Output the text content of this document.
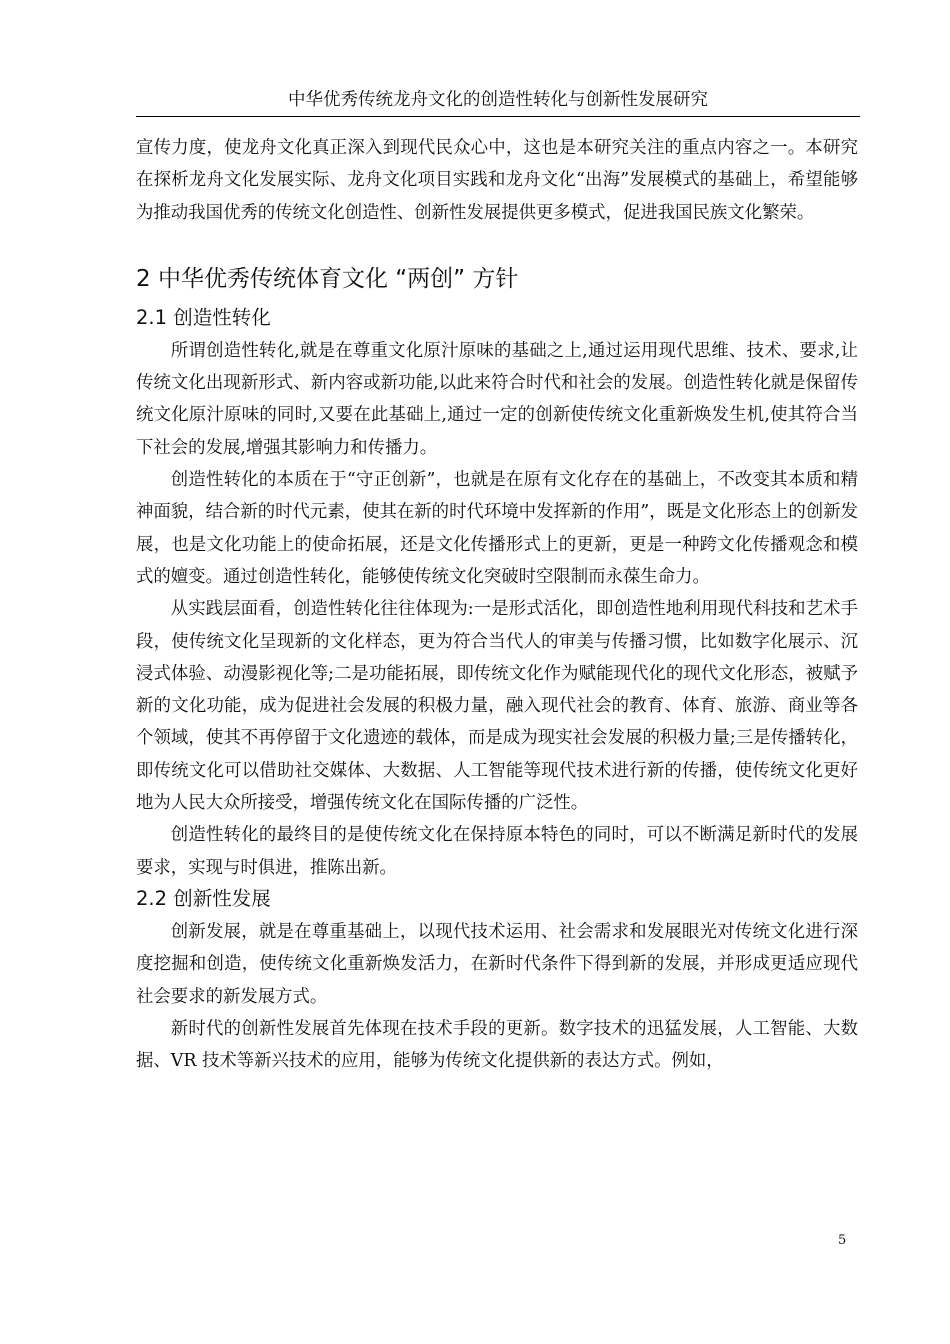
中华优秀传统龙舟文化的创造性转化与创新性发展研究

宣传力度，使龙舟文化真正深入到现代民众心中，这也是本研究关注的重点内容之一。本研究在探析龙舟文化发展实际、龙舟文化项目实践和龙舟文化“出海”发展模式的基础上，希望能够为推动我国优秀的传统文化创造性、创新性发展提供更多模式，促进我国民族文化繁荣。

2 中华优秀传统体育文化 “两创” 方针
2.1 创造性转化

所谓创造性转化,就是在尊重文化原汁原味的基础之上,通过运用现代思维、技术、要求,让传统文化出现新形式、新内容或新功能,以此来符合时代和社会的发展。创造性转化就是保留传统文化原汁原味的同时,又要在此基础上,通过一定的创新使传统文化重新焕发生机,使其符合当下社会的发展,增强其影响力和传播力。

创造性转化的本质在于“守正创新”，也就是在原有文化存在的基础上，不改变其本质和精神面貌，结合新的时代元素，使其在新的时代环境中发挥新的作用”，既是文化形态上的创新发展，也是文化功能上的使命拓展，还是文化传播形式上的更新，更是一种跨文化传播观念和模式的嬗变。通过创造性转化，能够使传统文化突破时空限制而永葆生命力。

从实践层面看，创造性转化往往体现为:一是形式活化，即创造性地利用现代科技和艺术手段，使传统文化呈现新的文化样态，更为符合当代人的审美与传播习惯，比如数字化展示、沉浸式体验、动漫影视化等;二是功能拓展，即传统文化作为赋能现代化的现代文化形态，被赋予新的文化功能，成为促进社会发展的积极力量，融入现代社会的教育、体育、旅游、商业等各个领域，使其不再停留于文化遗迹的载体，而是成为现实社会发展的积极力量;三是传播转化，即传统文化可以借助社交媒体、大数据、人工智能等现代技术进行新的传播，使传统文化更好地为人民大众所接受，增强传统文化在国际传播的广泛性。

创造性转化的最终目的是使传统文化在保持原本特色的同时，可以不断满足新时代的发展要求，实现与时俱进，推陈出新。

2.2 创新性发展

创新发展，就是在尊重基础上，以现代技术运用、社会需求和发展眼光对传统文化进行深度挖掘和创造，使传统文化重新焕发活力，在新时代条件下得到新的发展，并形成更适应现代社会要求的新发展方式。

新时代的创新性发展首先体现在技术手段的更新。数字技术的迅猛发展，人工智能、大数据、VR 技术等新兴技术的应用，能够为传统文化提供新的表达方式。例如，

5
